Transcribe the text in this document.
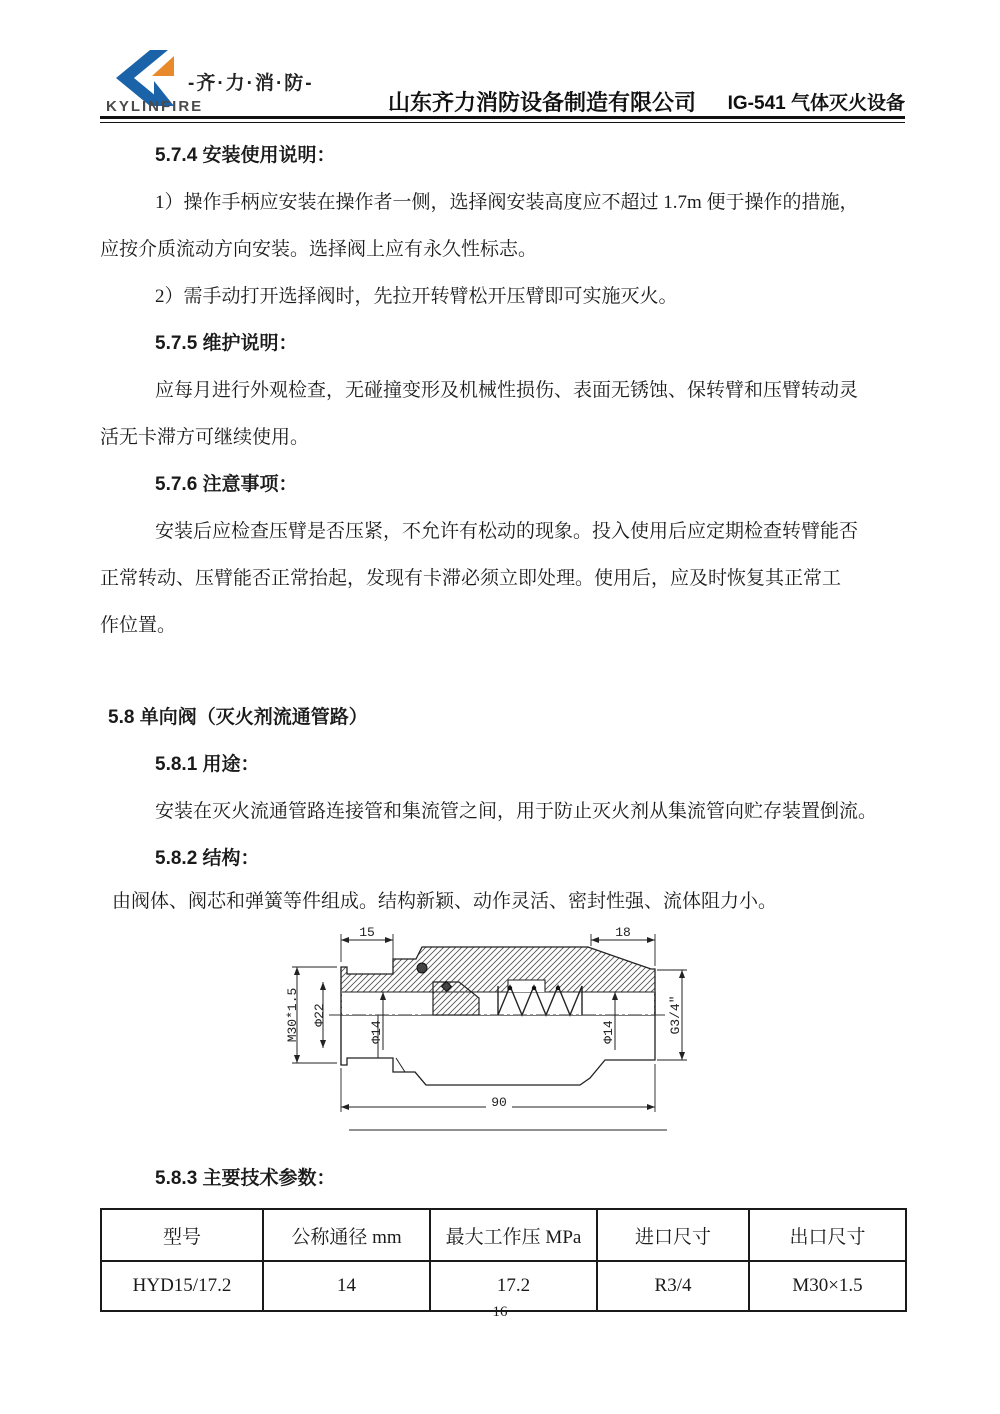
KYLINFIRE
-齐·力·消·防-
山东齐力消防设备制造有限公司 IG-541 气体灭火设备

5.7.4 安装使用说明：

1）操作手柄应安装在操作者一侧，选择阀安装高度应不超过 1.7m 便于操作的措施，

应按介质流动方向安装。选择阀上应有永久性标志。

2）需手动打开选择阀时，先拉开转臂松开压臂即可实施灭火。

5.7.5 维护说明：

应每月进行外观检查，无碰撞变形及机械性损伤、表面无锈蚀、保转臂和压臂转动灵

活无卡滞方可继续使用。

5.7.6 注意事项：

安装后应检查压臂是否压紧，不允许有松动的现象。投入使用后应定期检查转臂能否

正常转动、压臂能否正常抬起，发现有卡滞必须立即处理。使用后，应及时恢复其正常工

作位置。

5.8 单向阀（灭火剂流通管路）

5.8.1 用途：

安装在灭火流通管路连接管和集流管之间，用于防止灭火剂从集流管向贮存装置倒流。

5.8.2 结构：

由阀体、阀芯和弹簧等件组成。结构新颖、动作灵活、密封性强、流体阻力小。

15	18
90
M30*1.5 Φ22
Φ14	Φ14	G3/4″

5.8.3 主要技术参数：

型号	公称通径 mm	最大工作压 MPa	进口尺寸	出口尺寸
HYD15/17.2	14	17.2	R3/4	M30×1.5
16
